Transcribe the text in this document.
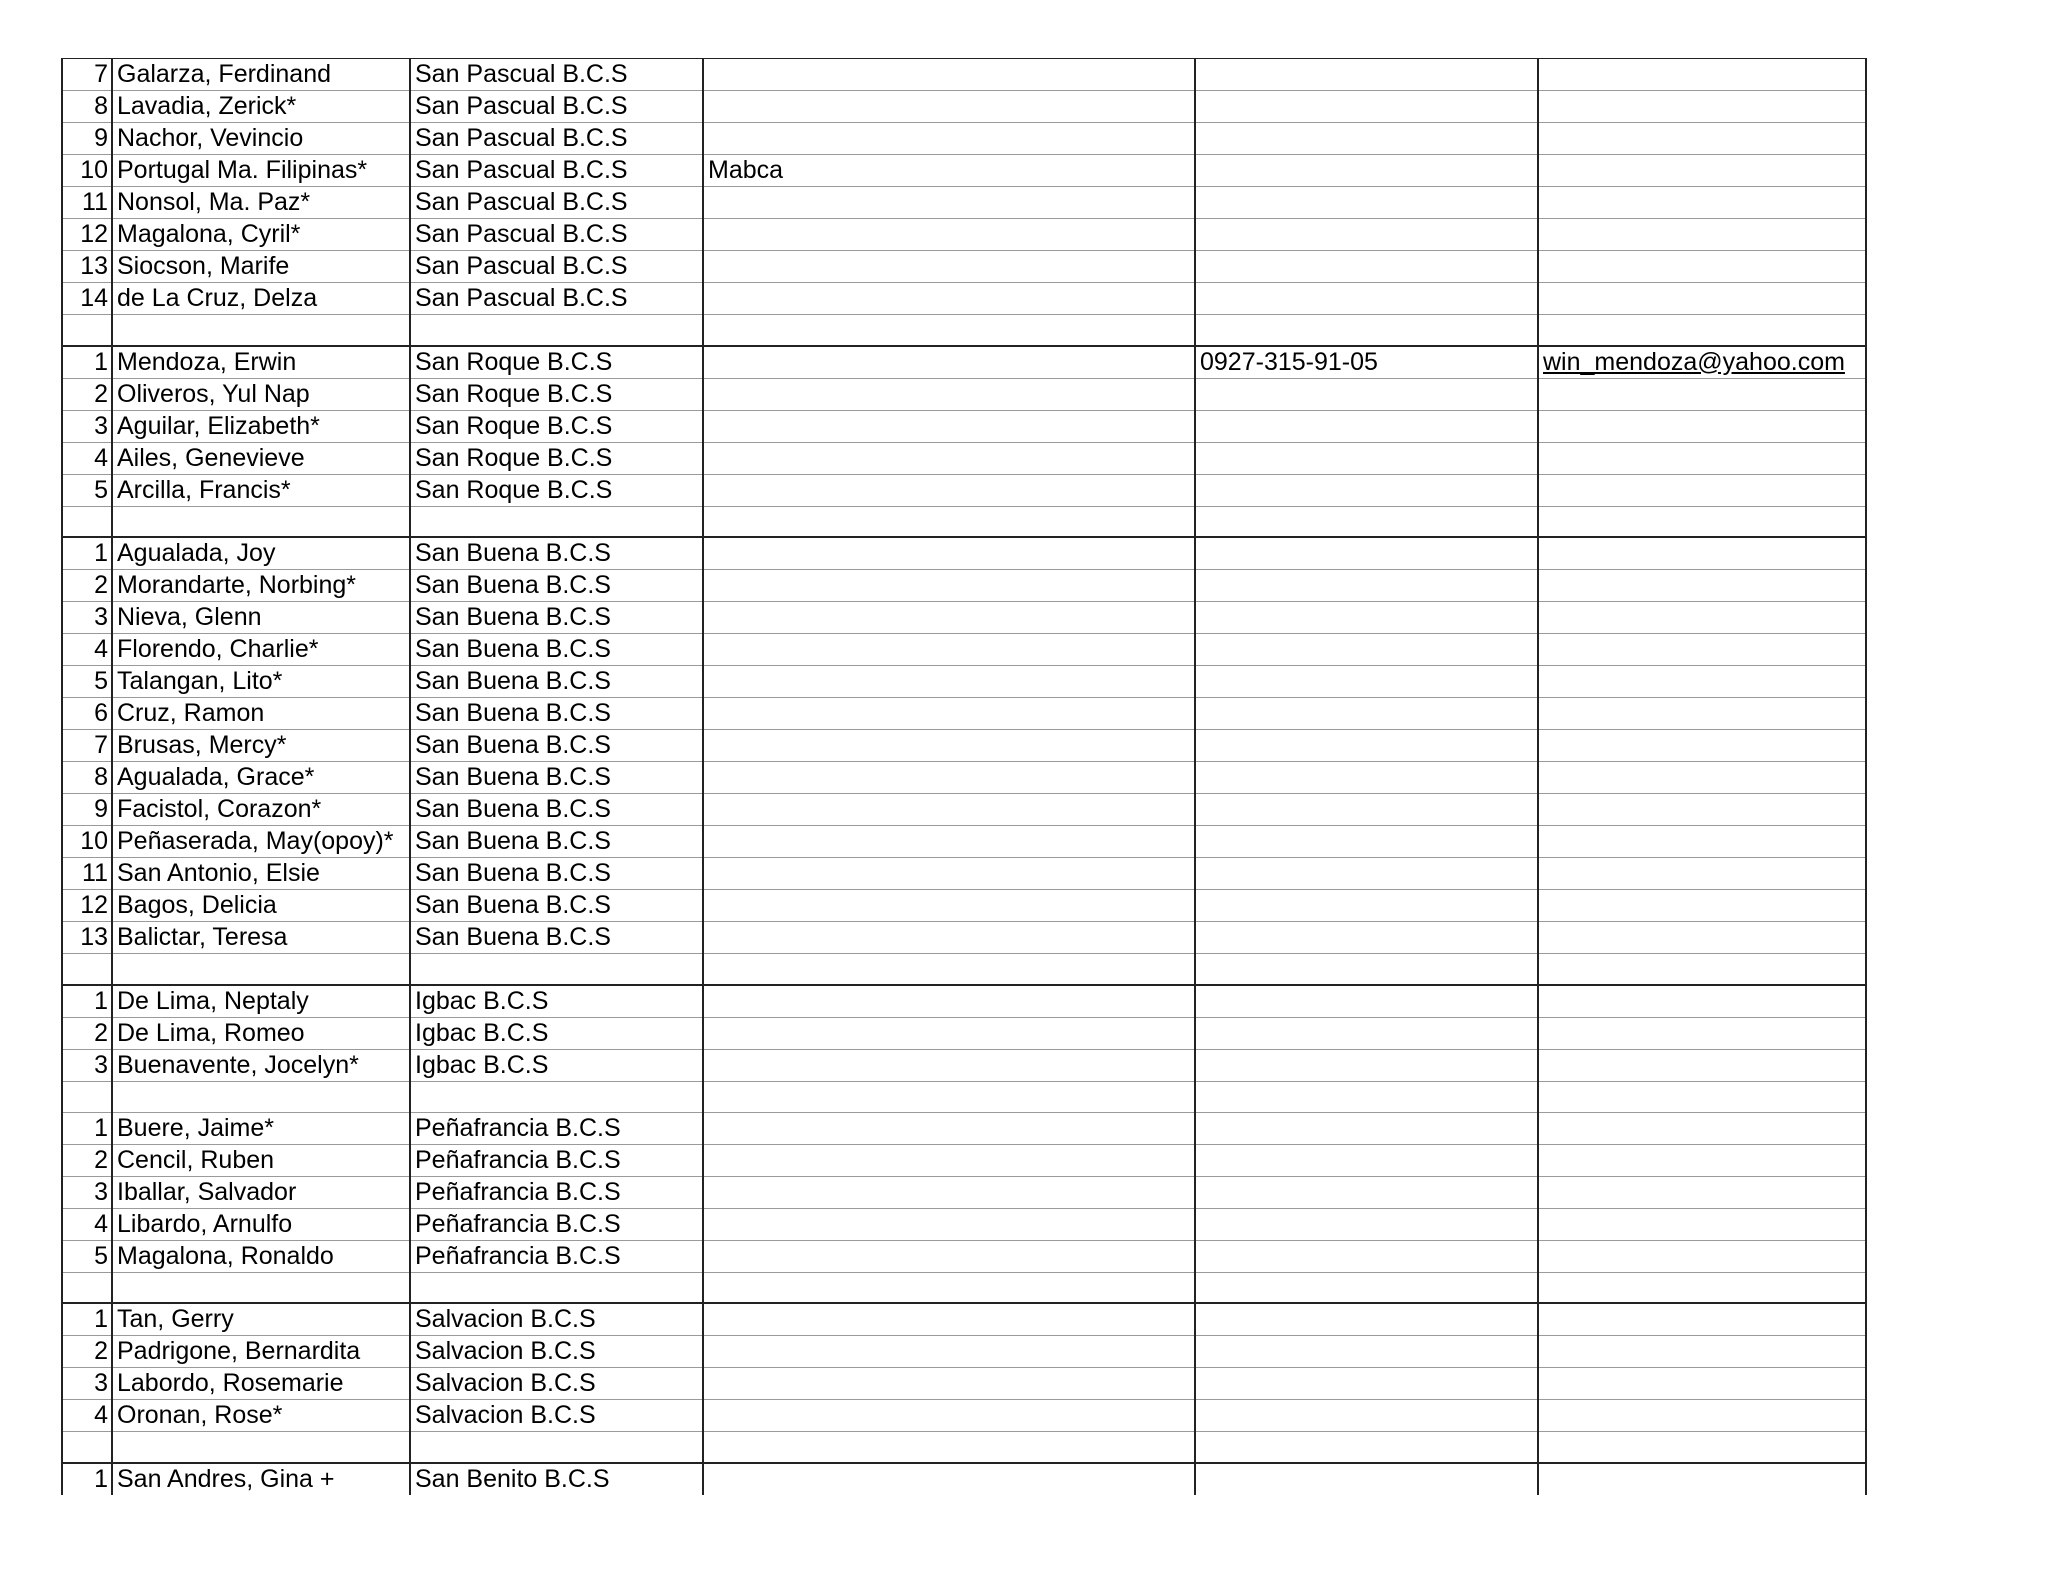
7	Galarza, Ferdinand	San Pascual B.C.S			
8	Lavadia, Zerick*	San Pascual B.C.S			
9	Nachor, Vevincio	San Pascual B.C.S			
10	Portugal Ma. Filipinas*	San Pascual B.C.S	Mabca		
11	Nonsol, Ma. Paz*	San Pascual B.C.S			
12	Magalona, Cyril*	San Pascual B.C.S			
13	Siocson, Marife	San Pascual B.C.S			
14	de La Cruz, Delza	San Pascual B.C.S			

1	Mendoza, Erwin	San Roque B.C.S		0927-315-91-05	win_mendoza@yahoo.com
2	Oliveros, Yul Nap	San Roque B.C.S			
3	Aguilar, Elizabeth*	San Roque B.C.S			
4	Ailes, Genevieve	San Roque B.C.S			
5	Arcilla, Francis*	San Roque B.C.S			

1	Agualada, Joy	San Buena B.C.S			
2	Morandarte, Norbing*	San Buena B.C.S			
3	Nieva, Glenn	San Buena B.C.S			
4	Florendo, Charlie*	San Buena B.C.S			
5	Talangan, Lito*	San Buena B.C.S			
6	Cruz, Ramon	San Buena B.C.S			
7	Brusas, Mercy*	San Buena B.C.S			
8	Agualada, Grace*	San Buena B.C.S			
9	Facistol, Corazon*	San Buena B.C.S			
10	Peñaserada, May(opoy)*	San Buena B.C.S			
11	San Antonio, Elsie	San Buena B.C.S			
12	Bagos, Delicia	San Buena B.C.S			
13	Balictar, Teresa	San Buena B.C.S			

1	De Lima, Neptaly	Igbac B.C.S			
2	De Lima, Romeo	Igbac B.C.S			
3	Buenavente, Jocelyn*	Igbac B.C.S			

1	Buere, Jaime*	Peñafrancia B.C.S			
2	Cencil, Ruben	Peñafrancia B.C.S			
3	Iballar, Salvador	Peñafrancia B.C.S			
4	Libardo, Arnulfo	Peñafrancia B.C.S			
5	Magalona, Ronaldo	Peñafrancia B.C.S			

1	Tan, Gerry	Salvacion B.C.S			
2	Padrigone, Bernardita	Salvacion B.C.S			
3	Labordo, Rosemarie	Salvacion B.C.S			
4	Oronan, Rose*	Salvacion B.C.S			

1	San Andres, Gina +	San Benito B.C.S			
